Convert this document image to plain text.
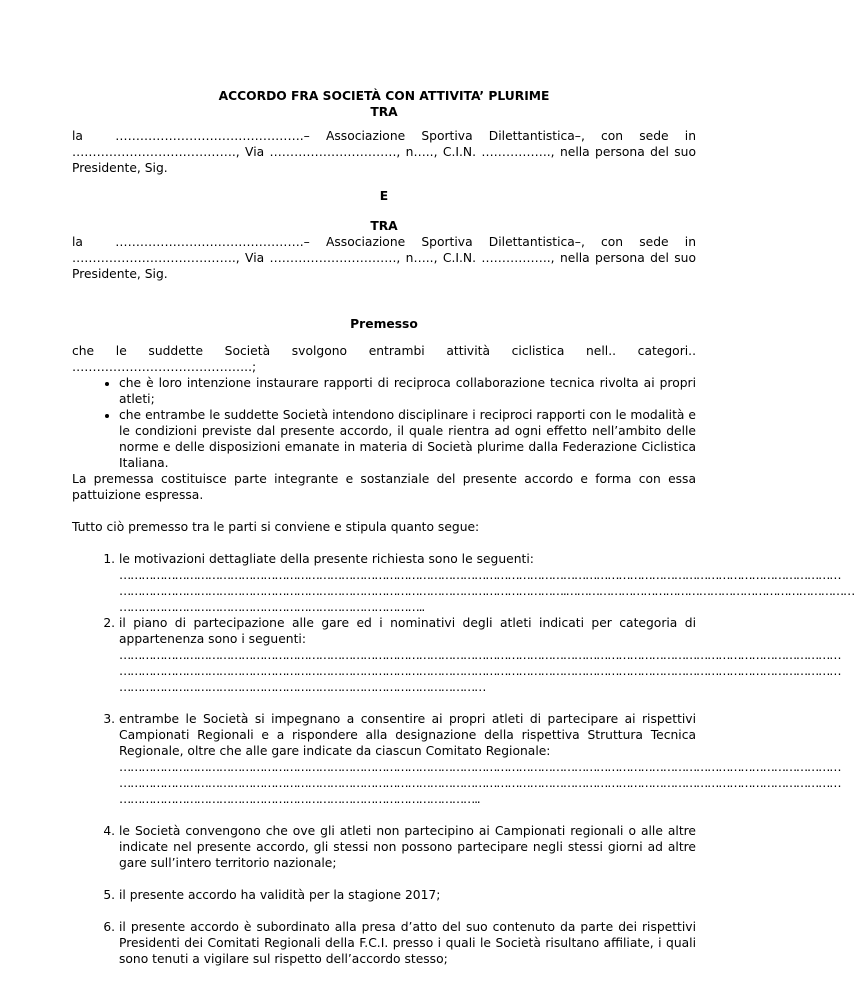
ACCORDO FRA SOCIETÀ CON ATTIVITA’ PLURIME

TRA

la      ……………………………………….–   Associazione   Sportiva   Dilettantistica–,   con   sede   in

…………………………………., Via …………………………., n….., C.I.N. …………….., nella persona del suo

Presidente, Sig.

E

TRA

la      ……………………………………….–   Associazione   Sportiva   Dilettantistica–,   con   sede   in

…………………………………., Via …………………………., n….., C.I.N. …………….., nella persona del suo

Presidente, Sig.

Premesso

che le suddette Società svolgono entrambi attività ciclistica nell.. categori..

……………………………………..;

• che è loro intenzione instaurare rapporti di reciproca collaborazione tecnica rivolta ai propri atleti;
• che entrambe le suddette Società intendono disciplinare i reciproci rapporti con le modalità e le condizioni previste dal presente accordo, il quale rientra ad ogni effetto nell’ambito delle norme e delle disposizioni emanate in materia di Società plurime dalla Federazione Ciclistica Italiana.

La premessa costituisce parte integrante e sostanziale del presente accordo e forma con essa pattuizione espressa.

Tutto ciò premesso tra le parti si conviene e stipula quanto segue:

1. le motivazioni dettagliate della presente richiesta sono le seguenti:
……………………………………………………………………………………………………………………………………………………………………………
………………………………………………………………………………………………………….……………………………………………………………………
………………………………………………………………………..
2. il piano di partecipazione alle gare ed i nominativi degli atleti indicati per categoria di appartenenza sono i seguenti:
……………………………………………………………………………………………………………………………………………………………………………
……………………………………………………………………………………………………………………………………………………………………………
………………………………………………………………………………………
3. entrambe le Società si impegnano a consentire ai propri atleti di partecipare ai rispettivi Campionati Regionali e a rispondere alla designazione della rispettiva Struttura Tecnica Regionale, oltre che alle gare indicate da ciascun Comitato Regionale:
……………………………………………………………………………………………………………………………………………………………………………
……………………………………………………………………………………………………………………………………………………………………………
……………………………………………………………………………………..
4. le Società convengono che ove gli atleti non partecipino ai Campionati regionali o alle altre indicate nel presente accordo, gli stessi non possono partecipare negli stessi giorni ad altre gare sull’intero territorio nazionale;
5. il presente accordo ha validità per la stagione 2017;
6. il presente accordo è subordinato alla presa d’atto del suo contenuto da parte dei rispettivi Presidenti dei Comitati Regionali della F.C.I. presso i quali le Società risultano affiliate, i quali sono tenuti a vigilare sul rispetto dell’accordo stesso;
